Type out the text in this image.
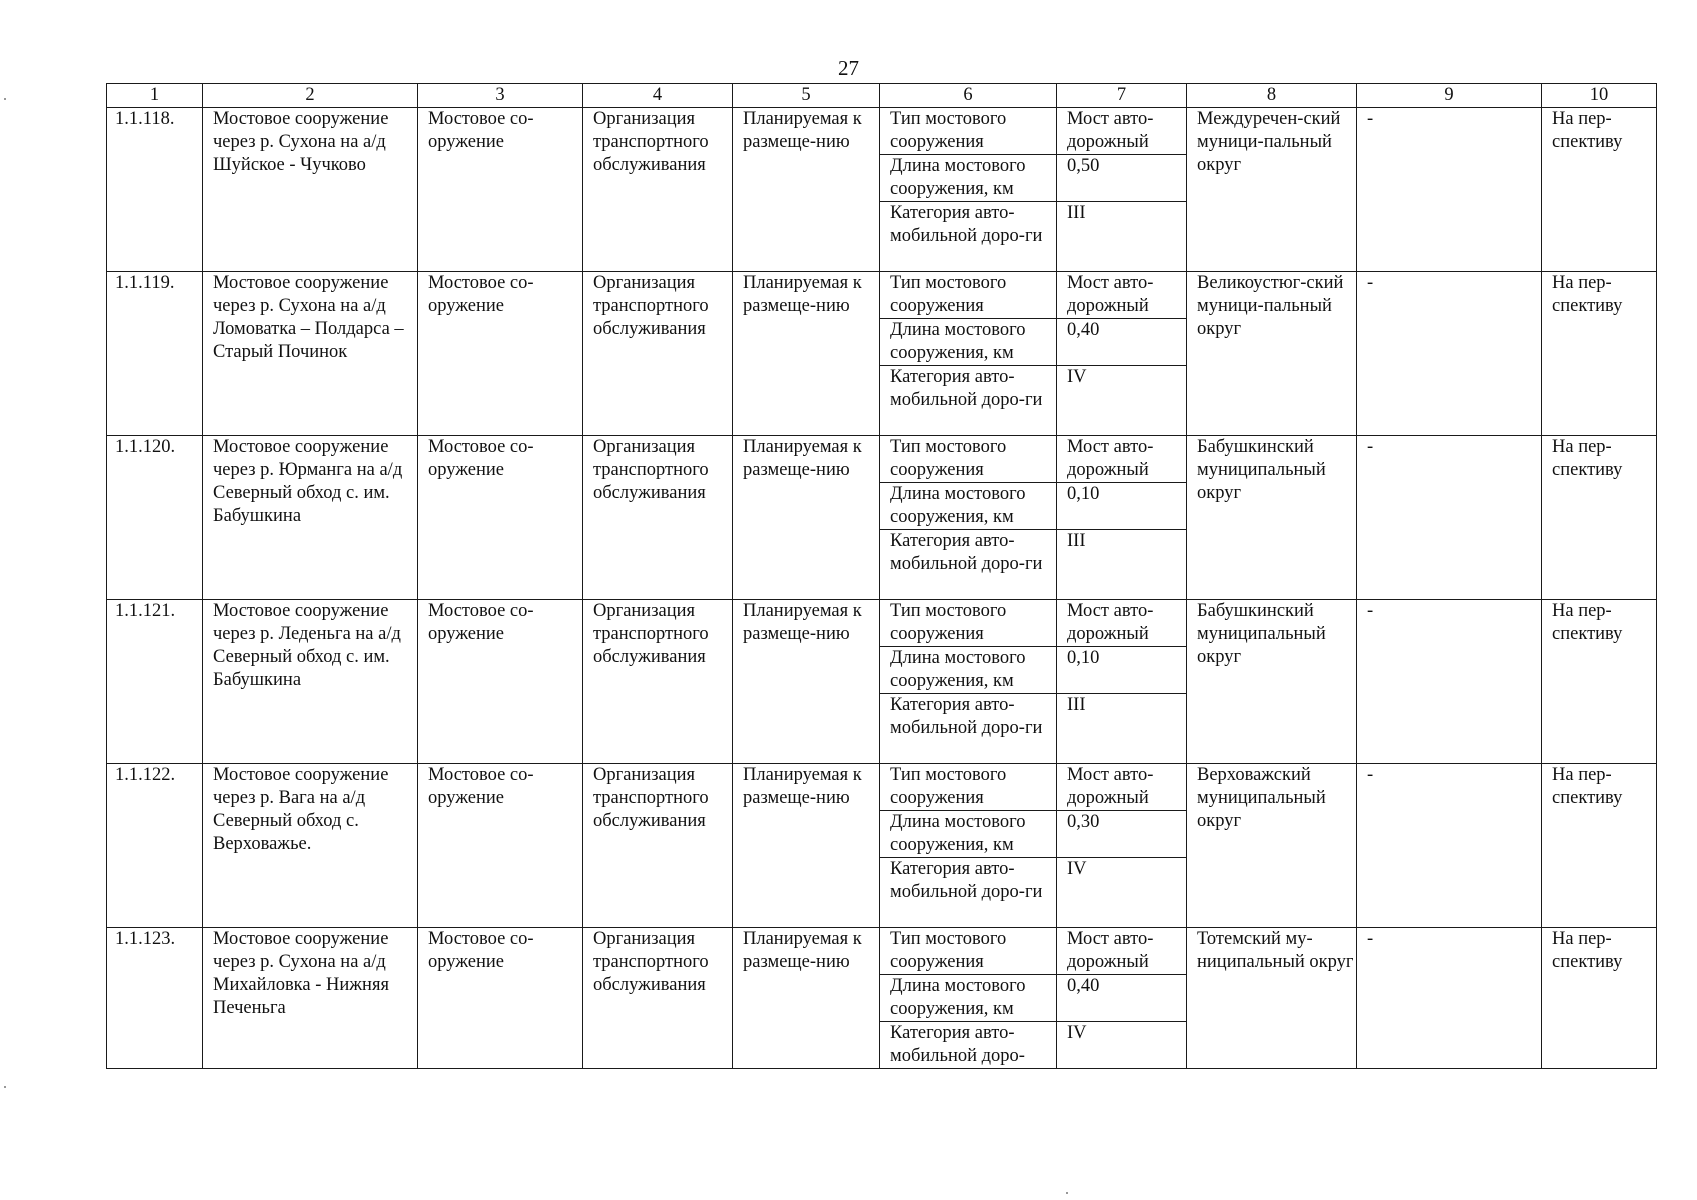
27
1	2	3	4	5	6	7	8	9	10
1.1.118.	Мостовое сооружение через р. Сухона на а/д Шуйское - Чучково	Мостовое со-оружение	Организация транспортного обслуживания	Планируемая к размеще-нию	Тип мостового сооружения	Мост авто-дорожный	Междуречен-ский муници-пальный округ	-	На пер-спективу
					Длина мостового сооружения, км	0,50			
					Категория авто-мобильной доро-ги	III			
1.1.119.	Мостовое сооружение через р. Сухона на а/д Ломоватка – Полдарса – Старый Починок	Мостовое со-оружение	Организация транспортного обслуживания	Планируемая к размеще-нию	Тип мостового сооружения	Мост авто-дорожный	Великоустюг-ский муници-пальный округ	-	На пер-спективу
					Длина мостового сооружения, км	0,40			
					Категория авто-мобильной доро-ги	IV			
1.1.120.	Мостовое сооружение через р. Юрманга на а/д Северный обход с. им. Бабушкина	Мостовое со-оружение	Организация транспортного обслуживания	Планируемая к размеще-нию	Тип мостового сооружения	Мост авто-дорожный	Бабушкинский муниципальный округ	-	На пер-спективу
					Длина мостового сооружения, км	0,10			
					Категория авто-мобильной доро-ги	III			
1.1.121.	Мостовое сооружение через р. Леденьга на а/д Северный обход с. им. Бабушкина	Мостовое со-оружение	Организация транспортного обслуживания	Планируемая к размеще-нию	Тип мостового сооружения	Мост авто-дорожный	Бабушкинский муниципальный округ	-	На пер-спективу
					Длина мостового сооружения, км	0,10			
					Категория авто-мобильной доро-ги	III			
1.1.122.	Мостовое сооружение через р. Вага на а/д Северный обход с. Верховажье.	Мостовое со-оружение	Организация транспортного обслуживания	Планируемая к размеще-нию	Тип мостового сооружения	Мост авто-дорожный	Верховажский муниципальный округ	-	На пер-спективу
					Длина мостового сооружения, км	0,30			
					Категория авто-мобильной доро-ги	IV			
1.1.123.	Мостовое сооружение через р. Сухона на а/д Михайловка - Нижняя Печеньга	Мостовое со-оружение	Организация транспортного обслуживания	Планируемая к размеще-нию	Тип мостового сооружения	Мост авто-дорожный	Тотемский му-ниципальный округ	-	На пер-спективу
					Длина мостового сооружения, км	0,40			
					Категория авто-мобильной доро-	IV			
